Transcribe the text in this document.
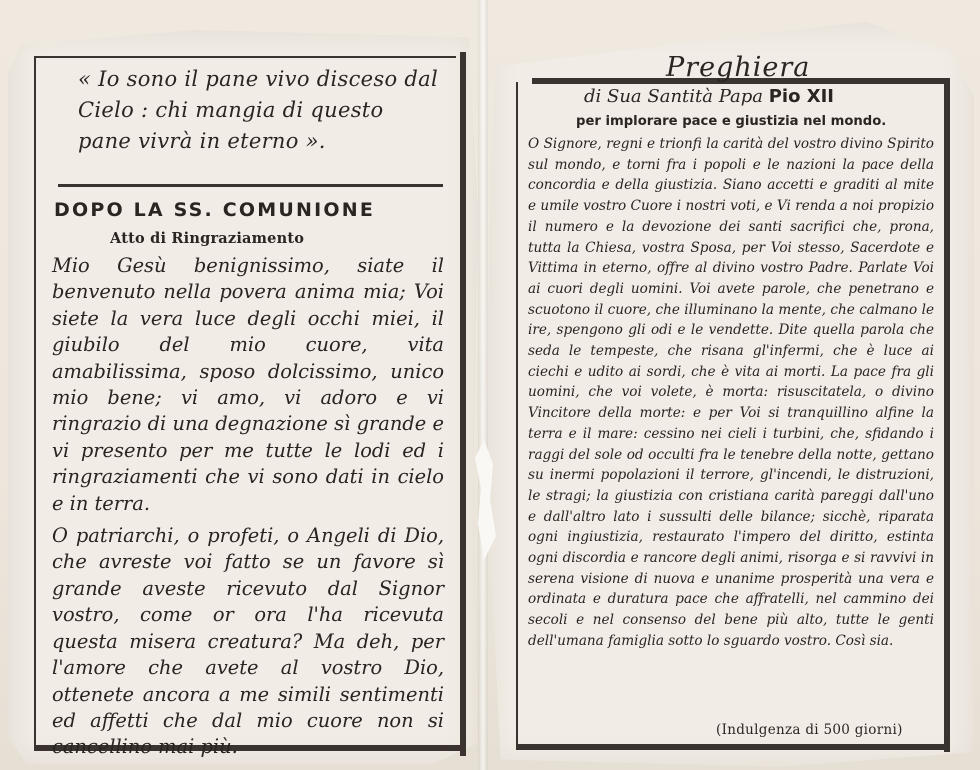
« Io sono il pane vivo disceso dal Cielo : chi mangia di questo pane vivrà in eterno ».
DOPO LA SS. COMUNIONE
Atto di Ringraziamento

Mio Gesù benignissimo, siate il benvenuto nella povera anima mia; Voi siete la vera luce degli occhi miei, il giubilo del mio cuore, vita amabilissima, sposo dolcissimo, unico mio bene; vi amo, vi adoro e vi ringrazio di una degnazione sì grande e vi presento per me tutte le lodi ed i ringraziamenti che vi sono dati in cielo e in terra.

O patriarchi, o profeti, o Angeli di Dio, che avreste voi fatto se un favore sì grande aveste ricevuto dal Signor vostro, come or ora l'ha ricevuta questa misera creatura? Ma deh, per l'amore che avete al vostro Dio, ottenete ancora a me simili sentimenti ed affetti che dal mio cuore non si cancellino mai più.

Preghiera
di Sua Santità Papa Pio XII
per implorare pace e giustizia nel mondo.
O Signore, regni e trionfi la carità del vostro divino Spirito sul mondo, e torni fra i popoli e le nazioni la pace della concordia e della giustizia. Siano accetti e graditi al mite e umile vostro Cuore i nostri voti, e Vi renda a noi propizio il numero e la devozione dei santi sacrifici che, prona, tutta la Chiesa, vostra Sposa, per Voi stesso, Sacerdote e Vittima in eterno, offre al divino vostro Padre. Parlate Voi ai cuori degli uomini. Voi avete parole, che penetrano e scuotono il cuore, che illuminano la mente, che calmano le ire, spengono gli odi e le vendette. Dite quella parola che seda le tempeste, che risana gl'infermi, che è luce ai ciechi e udito ai sordi, che è vita ai morti. La pace fra gli uomini, che voi volete, è morta: risuscitatela, o divino Vincitore della morte: e per Voi si tranquillino alfine la terra e il mare: cessino nei cieli i turbini, che, sfidando i raggi del sole od occulti fra le tenebre della notte, gettano su inermi popolazioni il terrore, gl'incendi, le distruzioni, le stragi; la giustizia con cristiana carità pareggi dall'uno e dall'altro lato i sussulti delle bilance; sicchè, riparata ogni ingiustizia, restaurato l'impero del diritto, estinta ogni discordia e rancore degli animi, risorga e si ravvivi in serena visione di nuova e unanime prosperità una vera e ordinata e duratura pace che affratelli, nel cammino dei secoli e nel consenso del bene più alto, tutte le genti dell'umana famiglia sotto lo sguardo vostro. Così sia.
(Indulgenza di 500 giorni)
